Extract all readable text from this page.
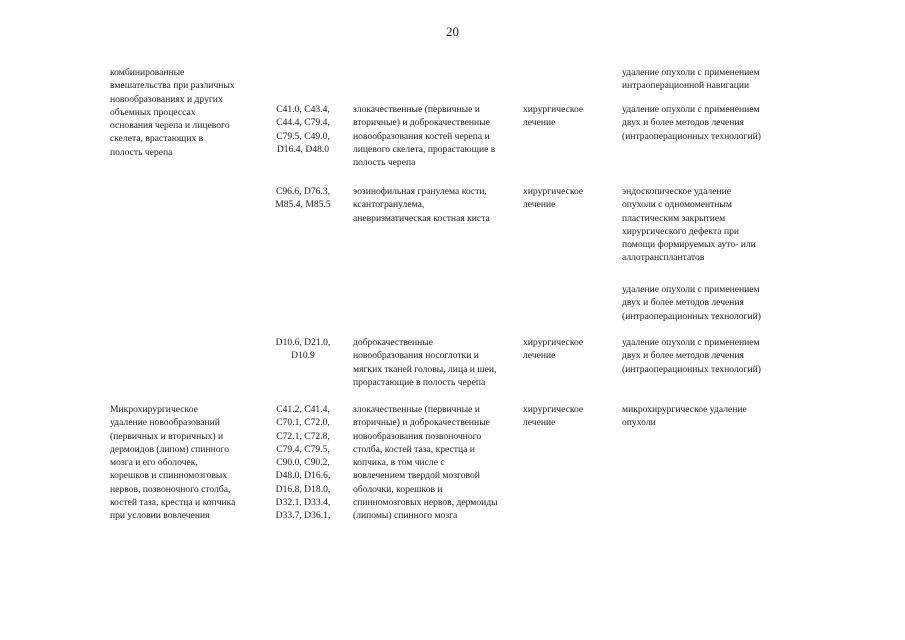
20
удаление опухоли с применением
интраоперационной навигации
комбинированные
вмешательства при различных
новообразованиях и других
объемных процессах
основания черепа и лицевого
скелета, врастающих в
полость черепа
C41.0, C43.4,
C44.4, C79.4,
C79.5, C49.0,
D16.4, D48.0
злокачественные (первичные и
вторичные) и доброкачественные
новообразования костей черепа и
лицевого скелета, прорастающие в
полость черепа
хирургическое
лечение
удаление опухоли с применением
двух и более методов лечения
(интраоперационных технологий)
C96.6, D76.3,
M85.4, M85.5
эозинофильная гранулема кости,
ксантогранулема,
аневризматическая костная киста
хирургическое
лечение
эндоскопическое удаление
опухоли с одномоментным
пластическим закрытием
хирургического дефекта при
помощи формируемых ауто- или
аллотрансплантатов
удаление опухоли с применением
двух и более методов лечения
(интраоперационных технологий)
D10.6, D21.0,
D10.9
доброкачественные
новообразования носоглотки и
мягких тканей головы, лица и шеи,
прорастающие в полость черепа
хирургическое
лечение
удаление опухоли с применением
двух и более методов лечения
(интраоперационных технологий)
Микрохирургическое
удаление новообразований
(первичных и вторичных) и
дермоидов (липом) спинного
мозга и его оболочек,
корешков и спинномозговых
нервов, позвоночного столба,
костей таза, крестца и копчика
при условии вовлечения
C41.2, C41.4,
C70.1, C72.0,
C72.1, C72.8,
C79.4, C79.5,
C90.0, C90.2,
D48.0, D16.6,
D16.8, D18.0,
D32.1, D33.4,
D33.7, D36.1,
злокачественные (первичные и
вторичные) и доброкачественные
новообразования позвоночного
столба, костей таза, крестца и
копчика, в том числе с
вовлечением твердой мозговой
оболочки, корешков и
спинномозговых нервов, дермоиды
(липомы) спинного мозга
хирургическое
лечение
микрохирургическое удаление
опухоли
